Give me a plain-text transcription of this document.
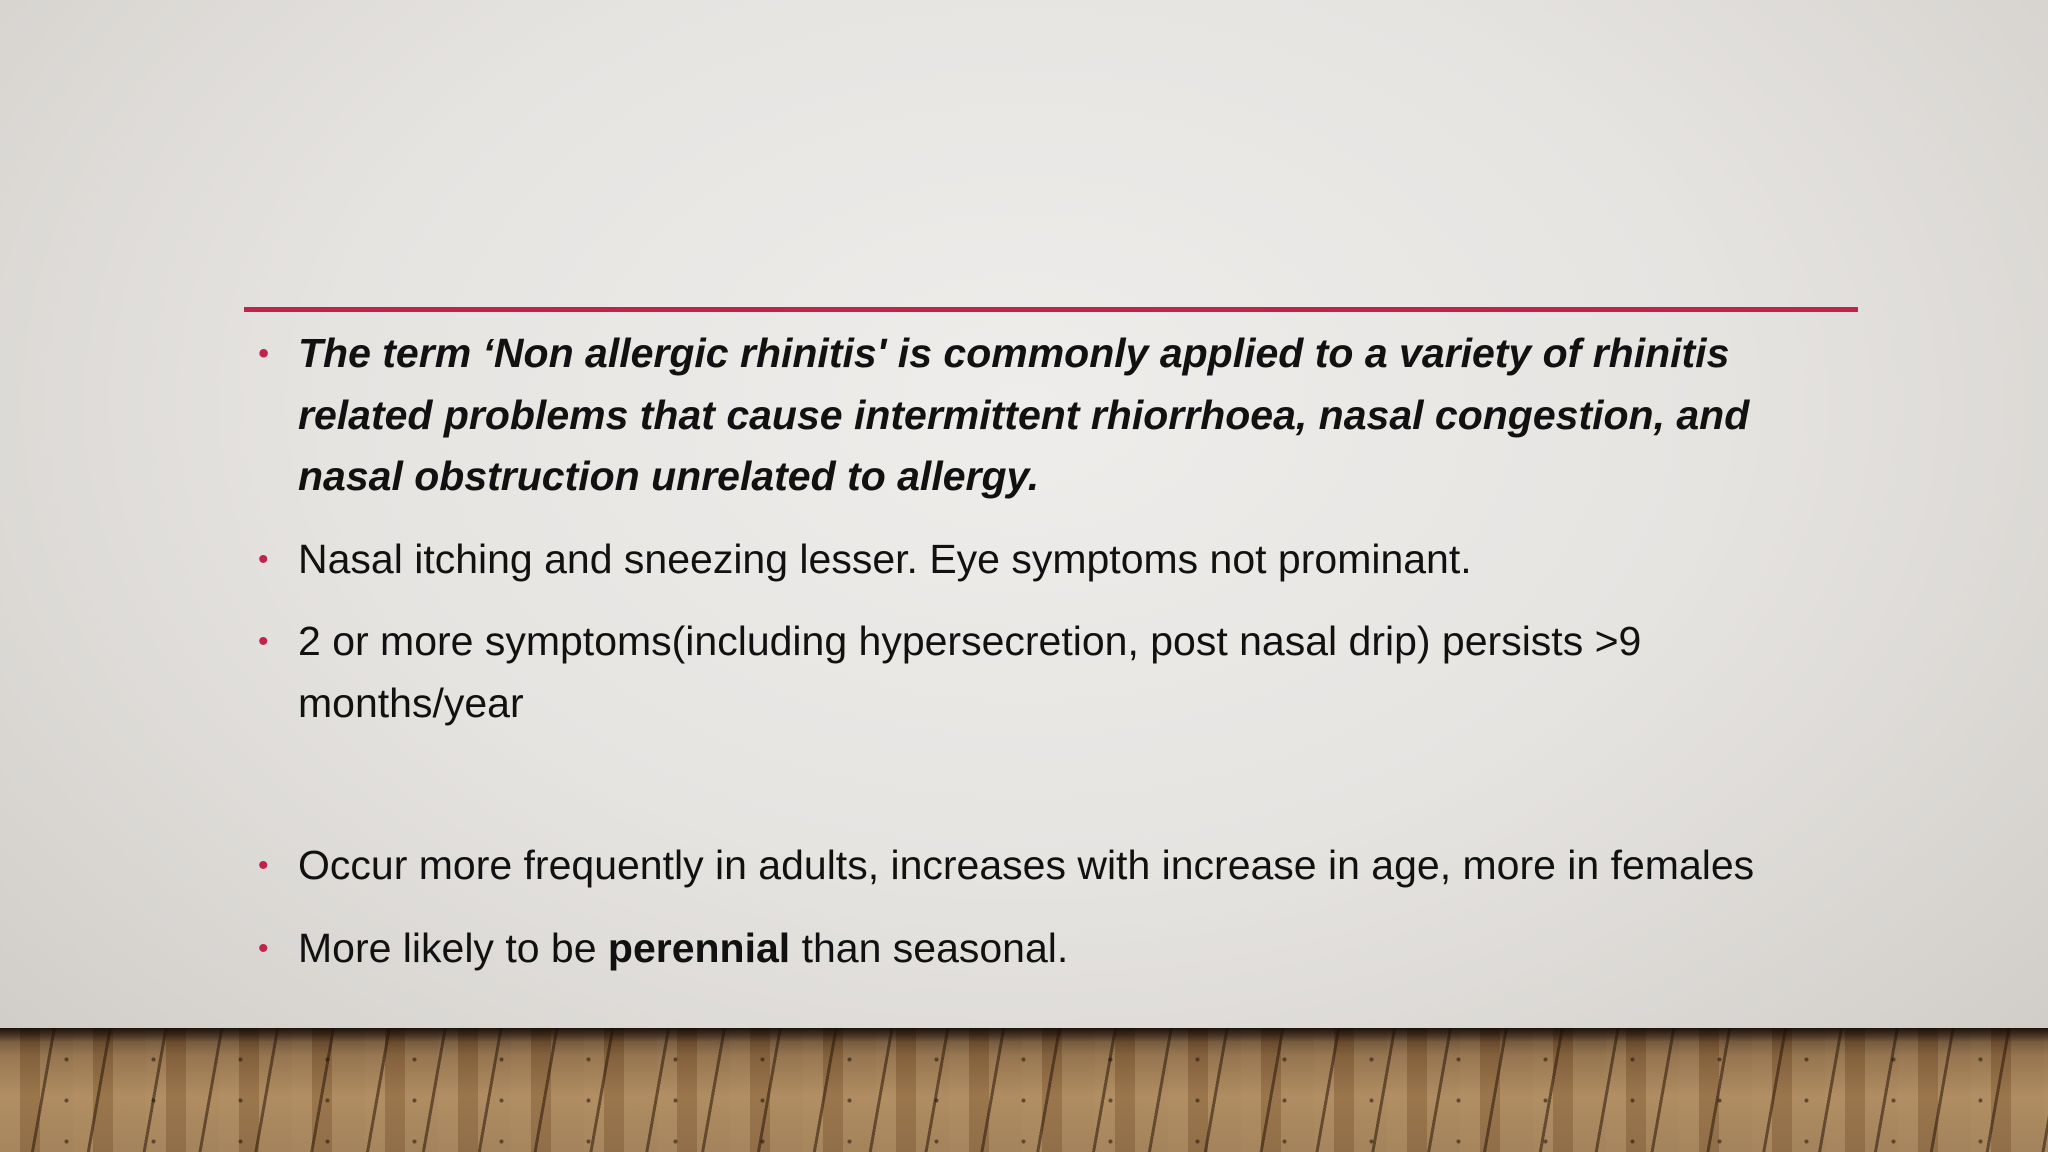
• The term ‘Non allergic rhinitis' is commonly applied to a variety of rhinitis related problems that cause intermittent rhiorrhoea, nasal congestion, and nasal obstruction unrelated to allergy.
• Nasal itching and sneezing lesser. Eye symptoms not prominant.
• 2 or more symptoms(including hypersecretion, post nasal drip) persists >9 months/year
• Occur more frequently in adults, increases with increase in age, more in females
• More likely to be perennial than seasonal.
